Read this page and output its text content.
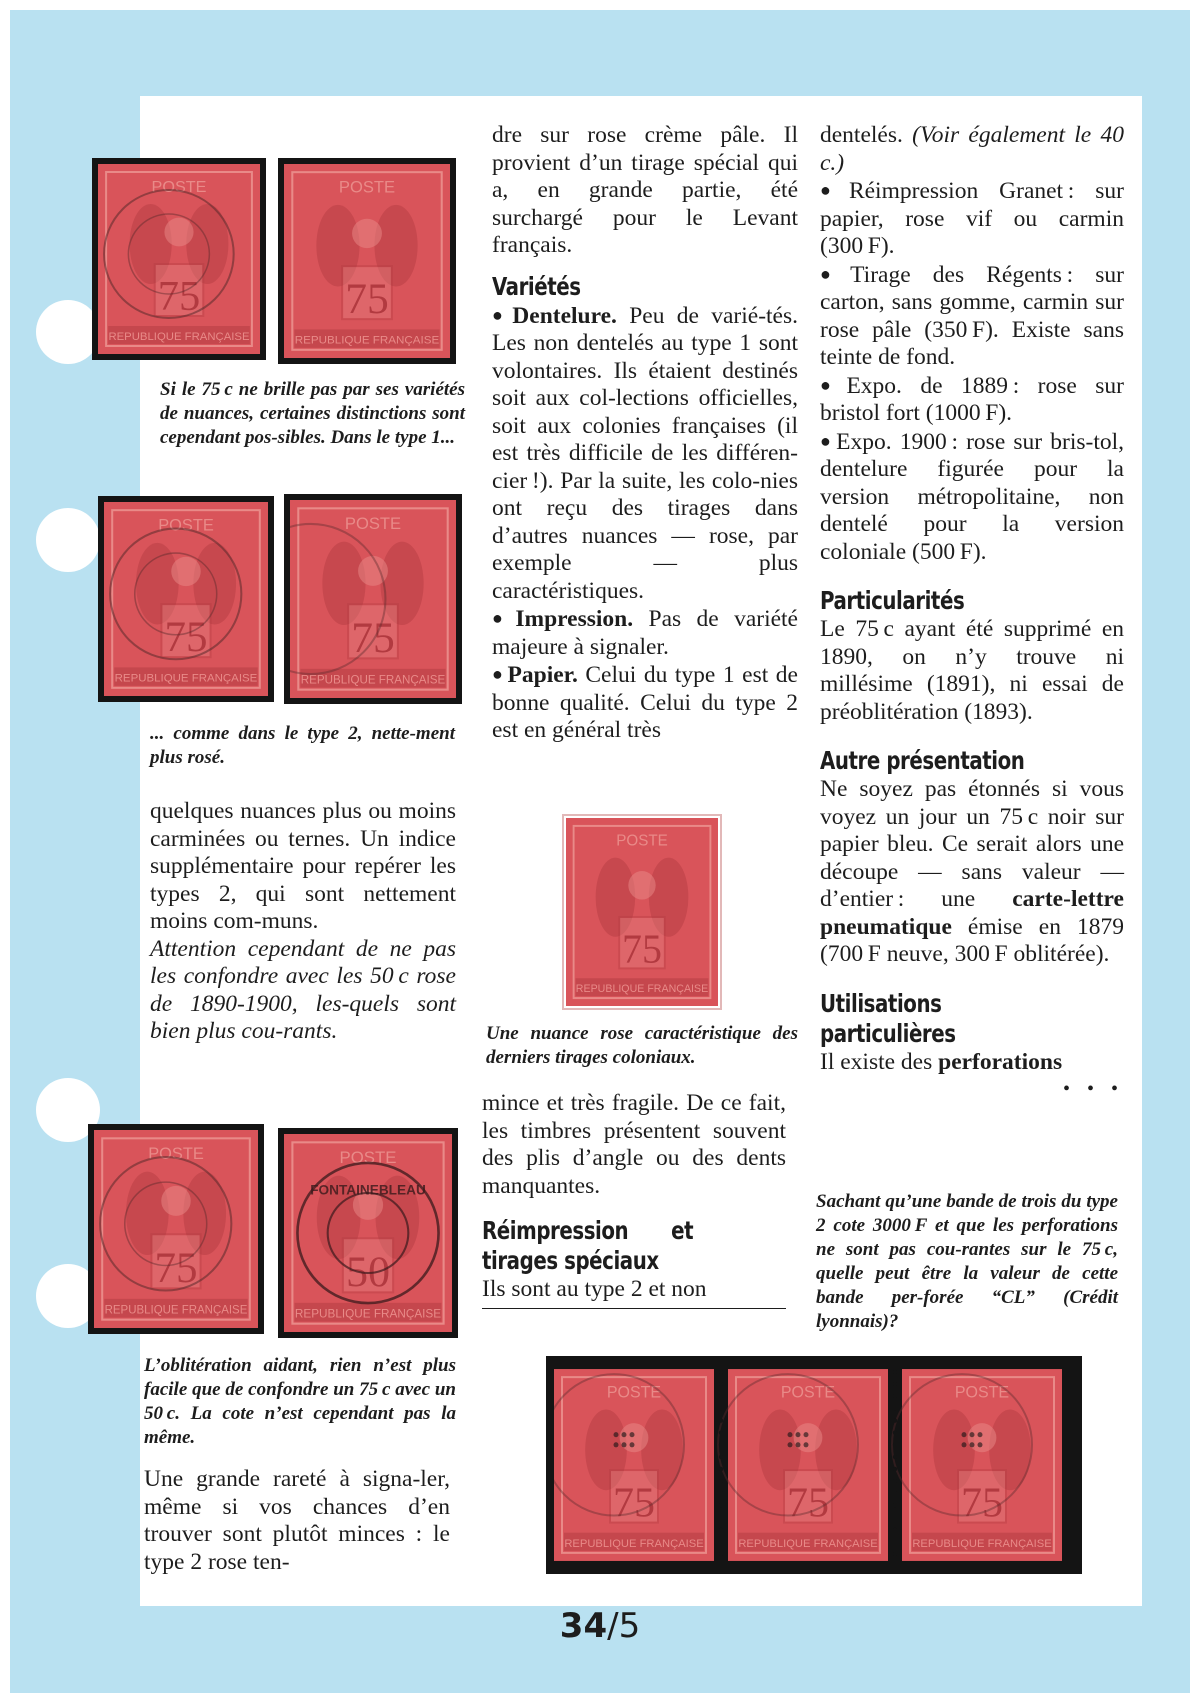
POSTE
75
REPUBLIQUE FRANÇAISE
POSTE
75
REPUBLIQUE FRANÇAISE

Si le 75 c ne brille pas par ses variétés de nuances, certaines distinctions sont cependant pos-sibles. Dans le type 1...

POSTE
75
REPUBLIQUE FRANÇAISE
POSTE
75
REPUBLIQUE FRANÇAISE

... comme dans le type 2, nette-ment plus rosé.

quelques nuances plus ou moins carminées ou ternes. Un indice supplémentaire pour repérer les types 2, qui sont nettement moins com-muns.

Attention cependant de ne pas les confondre avec les 50 c rose de 1890-1900, les-quels sont bien plus cou-rants.

POSTE
75
REPUBLIQUE FRANÇAISE
POSTE
50
REPUBLIQUE FRANÇAISE
FONTAINEBLEAU

L’oblitération aidant, rien n’est plus facile que de confondre un 75 c avec un 50 c. La cote n’est cependant pas la même.

Une grande rareté à signa-ler, même si vos chances d’en trouver sont plutôt minces : le type 2 rose ten-

dre sur rose crème pâle. Il provient d’un tirage spécial qui a, en grande partie, été surchargé pour le Levant français.

Variétés

● Dentelure. Peu de varié-tés. Les non dentelés au type 1 sont volontaires. Ils étaient destinés soit aux col-lections officielles, soit aux colonies françaises (il est très difficile de les différen-cier !). Par la suite, les colo-nies ont reçu des tirages dans d’autres nuances — rose, par exemple — plus caractéristiques.

● Impression. Pas de variété majeure à signaler.

● Papier. Celui du type 1 est de bonne qualité. Celui du type 2 est en général très

POSTE
75
REPUBLIQUE FRANÇAISE

Une nuance rose caractéristique des derniers tirages coloniaux.

mince et très fragile. De ce fait, les timbres présentent souvent des plis d’angle ou des dents manquantes.

Réimpression et tirages spéciaux

Ils sont au type 2 et non

dentelés. (Voir également le 40 c.)

● Réimpression Granet : sur papier, rose vif ou carmin (300 F).

● Tirage des Régents : sur carton, sans gomme, carmin sur rose pâle (350 F). Existe sans teinte de fond.

● Expo. de 1889 : rose sur bristol fort (1000 F).

● Expo. 1900 : rose sur bris-tol, dentelure figurée pour la version métropolitaine, non dentelé pour la version coloniale (500 F).

Particularités

Le 75 c ayant été supprimé en 1890, on n’y trouve ni millésime (1891), ni essai de préoblitération (1893).

Autre présentation

Ne soyez pas étonnés si vous voyez un jour un 75 c noir sur papier bleu. Ce serait alors une découpe — sans valeur — d’entier : une carte-lettre pneumatique émise en 1879 (700 F neuve, 300 F oblitérée).

Utilisations particulières

Il existe des perforations

• • •

Sachant qu’une bande de trois du type 2 cote 3000 F et que les perforations ne sont pas cou-rantes sur le 75 c, quelle peut être la valeur de cette bande per-forée “CL” (Crédit lyonnais)?

POSTE
75
REPUBLIQUE FRANÇAISE
POSTE
75
REPUBLIQUE FRANÇAISE
POSTE
75
REPUBLIQUE FRANÇAISE
34/5
